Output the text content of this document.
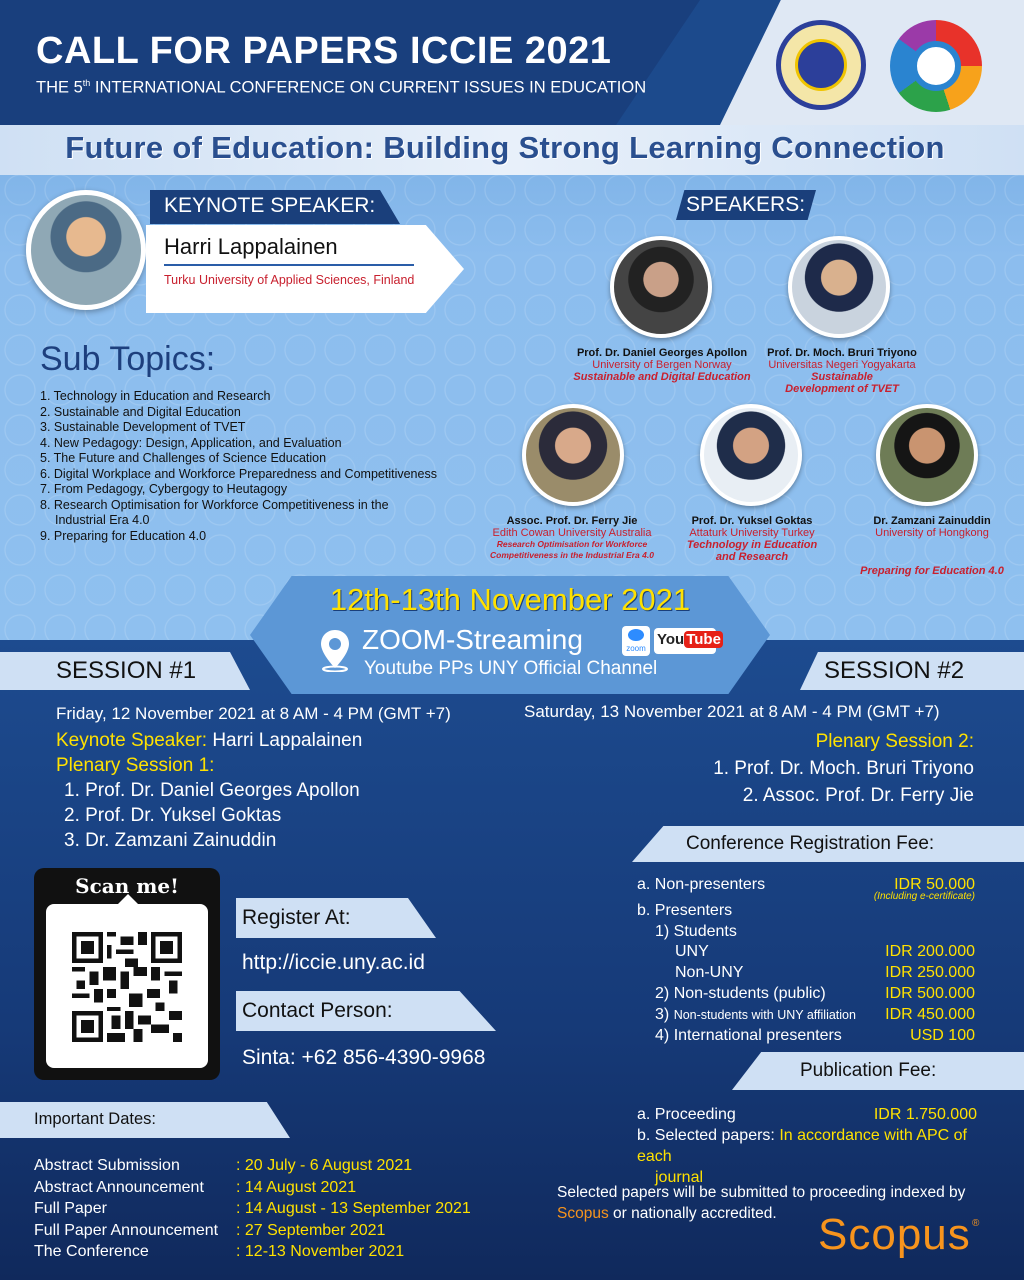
CALL FOR PAPERS ICCIE 2021
THE 5th INTERNATIONAL CONFERENCE ON CURRENT ISSUES IN EDUCATION
Future of Education: Building Strong Learning Connection
KEYNOTE SPEAKER:
Harri Lappalainen
Turku University of Applied Sciences, Finland
SPEAKERS:
Sub Topics:
1. Technology in Education and Research
2. Sustainable and Digital Education
3. Sustainable Development of TVET
4. New Pedagogy: Design, Application, and Evaluation
5. The Future and Challenges of Science Education
6. Digital Workplace and Workforce Preparedness and Competitiveness
7. From Pedagogy, Cybergogy to Heutagogy
8. Research Optimisation for Workforce Competitiveness in the
Industrial Era 4.0
9. Preparing for Education 4.0
Prof. Dr. Daniel Georges Apollon
University of Bergen Norway
Sustainable and Digital Education
Prof. Dr. Moch. Bruri Triyono
Universitas Negeri Yogyakarta
Sustainable Development of TVET
Assoc. Prof. Dr. Ferry Jie
Edith Cowan University Australia
Research Optimisation for Workforce Competitiveness in the Industrial Era 4.0
Prof. Dr. Yuksel Goktas
Attaturk University Turkey
Technology in Education and Research
Dr. Zamzani Zainuddin
University of Hongkong
Preparing for Education 4.0
12th-13th November 2021
ZOOM-Streaming	zoom
You Tube
Youtube PPs UNY Official Channel
SESSION #1	SESSION #2
Friday, 12 November 2021 at 8 AM - 4 PM (GMT +7)	Saturday, 13 November 2021 at 8 AM - 4 PM (GMT +7)
Keynote Speaker: Harri Lappalainen
Plenary Session 1:
1. Prof. Dr. Daniel Georges Apollon
2. Prof. Dr. Yuksel Goktas
3. Dr. Zamzani Zainuddin
Plenary Session 2:
1. Prof. Dr. Moch. Bruri Triyono
2. Assoc. Prof. Dr. Ferry Jie
Scan me!
Register At:
http://iccie.uny.ac.id
Contact Person:
Sinta: +62 856-4390-9968
Important Dates:
Abstract Submission	: 20 July - 6 August 2021
Abstract Announcement	: 14 August 2021
Full Paper	: 14 August - 13 September 2021
Full Paper Announcement	: 27 September 2021
The Conference	: 12-13 November 2021
Conference Registration Fee:
a. Non-presenters	IDR 50.000
(Including e-certificate)
b. Presenters
1) Students
UNY	IDR 200.000
Non-UNY	IDR 250.000
2) Non-students (public)	IDR 500.000
3) Non-students with UNY affiliation IDR 450.000
4) International presenters	USD 100
Publication Fee:
a. Proceeding	IDR 1.750.000
b. Selected papers: In accordance with APC of each
journal
Selected papers will be submitted to proceeding indexed by Scopus or nationally accredited. Scopus ®
